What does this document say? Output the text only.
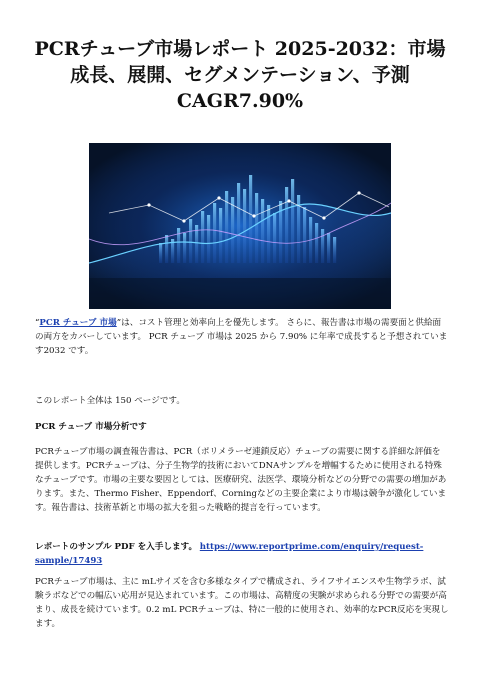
PCRチューブ市場レポート 2025-2032：市場成長、展開、セグメンテーション、予測 CAGR7.90%
“PCR チューブ 市場”は、コスト管理と効率向上を優先します。 さらに、報告書は市場の需要面と供給面の両方をカバーしています。 PCR チューブ 市場は 2025 から 7.90% に年率で成長すると予想されています2032 です。
このレポート全体は 150 ページです。
PCR チューブ 市場分析です
PCRチューブ市場の調査報告書は、PCR（ポリメラーゼ連鎖反応）チューブの需要に関する詳細な評価を提供します。PCRチューブは、分子生物学的技術においてDNAサンプルを増幅するために使用される特殊なチューブです。市場の主要な要因としては、医療研究、法医学、環境分析などの分野での需要の増加があります。また、Thermo Fisher、Eppendorf、Corningなどの主要企業により市場は競争が激化しています。報告書は、技術革新と市場の拡大を狙った戦略的提言を行っています。
レポートのサンプル PDF を入手します。 https://www.reportprime.com/enquiry/request-sample/17493
PCRチューブ市場は、主に mLサイズを含む多様なタイプで構成され、ライフサイエンスや生物学ラボ、試験ラボなどでの幅広い応用が見込まれています。この市場は、高精度の実験が求められる分野での需要が高まり、成長を続けています。0.2 mL PCRチューブは、特に一般的に使用され、効率的なPCR反応を実現します。
